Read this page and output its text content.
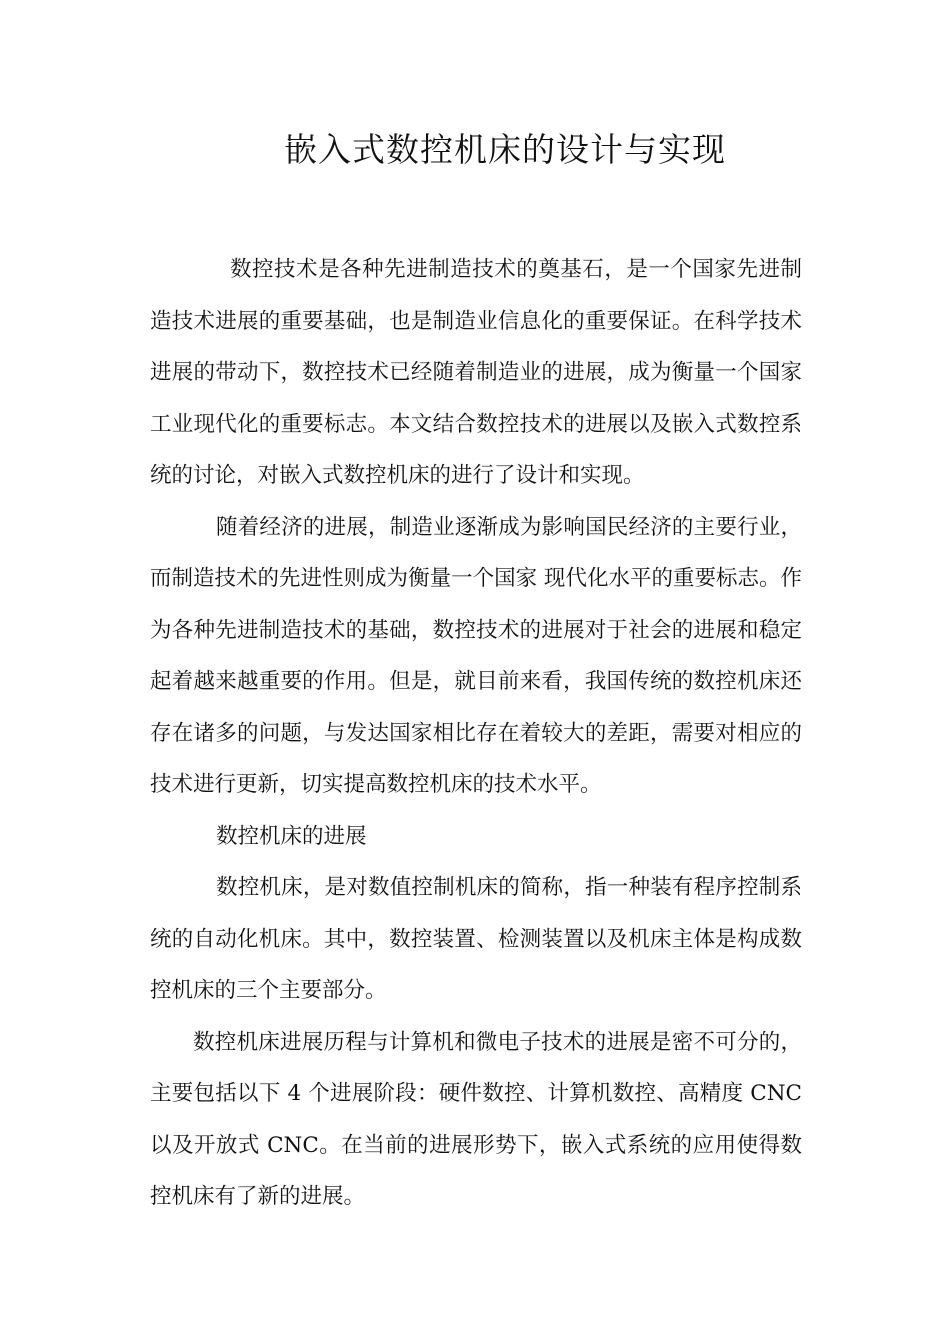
嵌入式数控机床的设计与实现

数控技术是各种先进制造技术的奠基石，是一个国家先进制造技术进展的重要基础，也是制造业信息化的重要保证。在科学技术进展的带动下，数控技术已经随着制造业的进展，成为衡量一个国家工业现代化的重要标志。本文结合数控技术的进展以及嵌入式数控系统的讨论，对嵌入式数控机床的进行了设计和实现。

随着经济的进展，制造业逐渐成为影响国民经济的主要行业，而制造技术的先进性则成为衡量一个国家 现代化水平的重要标志。作为各种先进制造技术的基础，数控技术的进展对于社会的进展和稳定起着越来越重要的作用。但是，就目前来看，我国传统的数控机床还存在诸多的问题，与发达国家相比存在着较大的差距，需要对相应的技术进行更新，切实提高数控机床的技术水平。

数控机床的进展

数控机床，是对数值控制机床的简称，指一种装有程序控制系统的自动化机床。其中，数控装置、检测装置以及机床主体是构成数控机床的三个主要部分。

数控机床进展历程与计算机和微电子技术的进展是密不可分的，主要包括以下 4 个进展阶段：硬件数控、计算机数控、高精度 CNC 以及开放式 CNC。在当前的进展形势下，嵌入式系统的应用使得数控机床有了新的进展。
